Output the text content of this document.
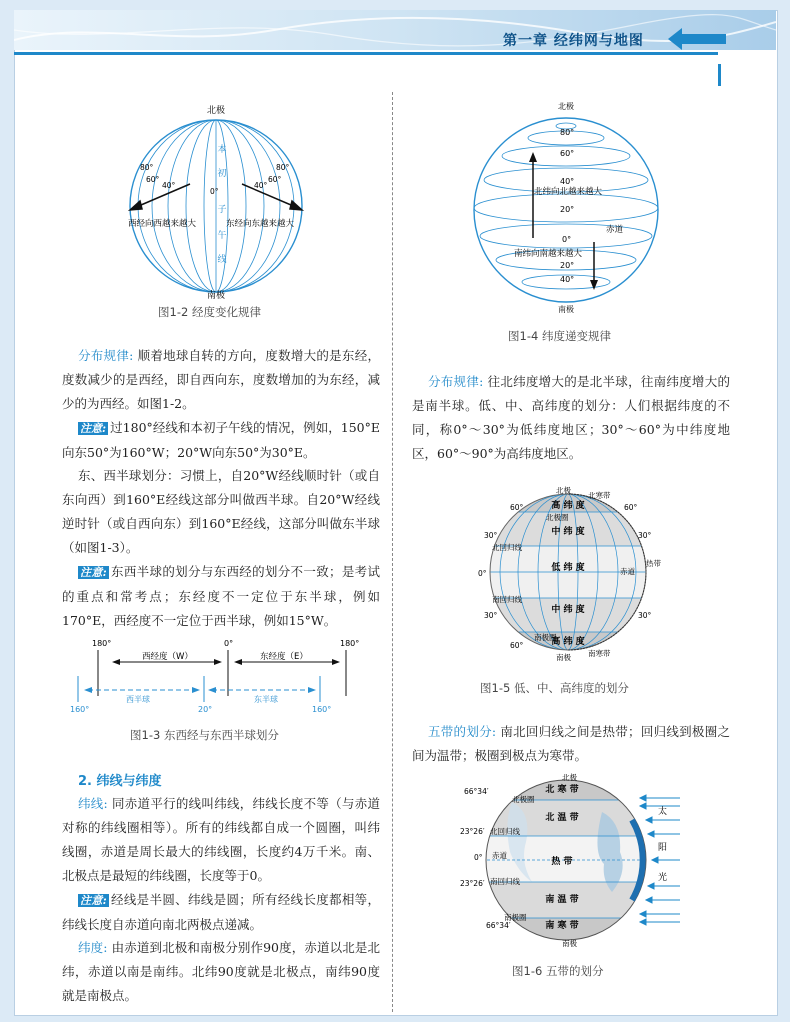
第一章 经纬网与地图
北极
南极
西经向西越来越大	东经向东越来越大
本
初
子
午
线
0°
40°
60°
80°
40°
60°
80°
图1-2 经度变化规律
分布规律: 顺着地球自转的方向，度数增大的是东经，度数减少的是西经，即自西向东，度数增加的为东经，减少的为西经。如图1-2。
注意: 过180°经线和本初子午线的情况，例如，150°E向东50°为160°W；20°W向东50°为30°E。
东、西半球划分：习惯上，自20°W经线顺时针（或自东向西）到160°E经线这部分叫做西半球。自20°W经线逆时针（或自西向东）到160°E经线，这部分叫做东半球（如图1-3）。
注意: 东西半球的划分与东西经的划分不一致；是考试的重点和常考点；东经度不一定位于东半球，例如170°E，西经度不一定位于西半球，例如15°W。
180°	0°	180°
西经度（W）	东经度（E）
西半球	东半球
160°	20°	160°
图1-3 东西经与东西半球划分
2. 纬线与纬度
纬线: 同赤道平行的线叫纬线，纬线长度不等（与赤道对称的纬线圈相等）。所有的纬线都自成一个圆圈，叫纬线圈，赤道是周长最大的纬线圈，长度约4万千米。南、北极点是最短的纬线圈，长度等于0。
注意: 经线是半圆、纬线是圆；所有经线长度都相等，纬线长度自赤道向南北两极点递减。
纬度: 由赤道到北极和南极分别作90度，赤道以北是北纬，赤道以南是南纬。北纬90度就是北极点，南纬90度就是南极点。
北极
南极
北纬向北越来越大
南纬向南越来越大
赤道
80°
60°
40°
20°
0°
20°
40°
图1-4 纬度递变规律
分布规律: 往北纬度增大的是北半球，往南纬度增大的是南半球。低、中、高纬度的划分：人们根据纬度的不同，称0°～30°为低纬度地区；30°～60°为中纬度地区，60°～90°为高纬度地区。
高 纬 度
中 纬 度
低 纬 度
中 纬 度
高 纬 度
北极
南极
北极圈
南极圈
北回归线
南回归线
赤道
北寒带
南寒带
热带
60°
30°
0°
30°
60°
60°
30°
30°
图1-5 低、中、高纬度的划分
五带的划分: 南北回归线之间是热带；回归线到极圈之间为温带；极圈到极点为寒带。
北 寒 带
北 温 带
热 带
南 温 带
南 寒 带
北极
南极
北极圈
南极圈
北回归线
南回归线
赤道
66°34′
23°26′
0°
23°26′
66°34′
太
阳
光
图1-6 五带的划分
